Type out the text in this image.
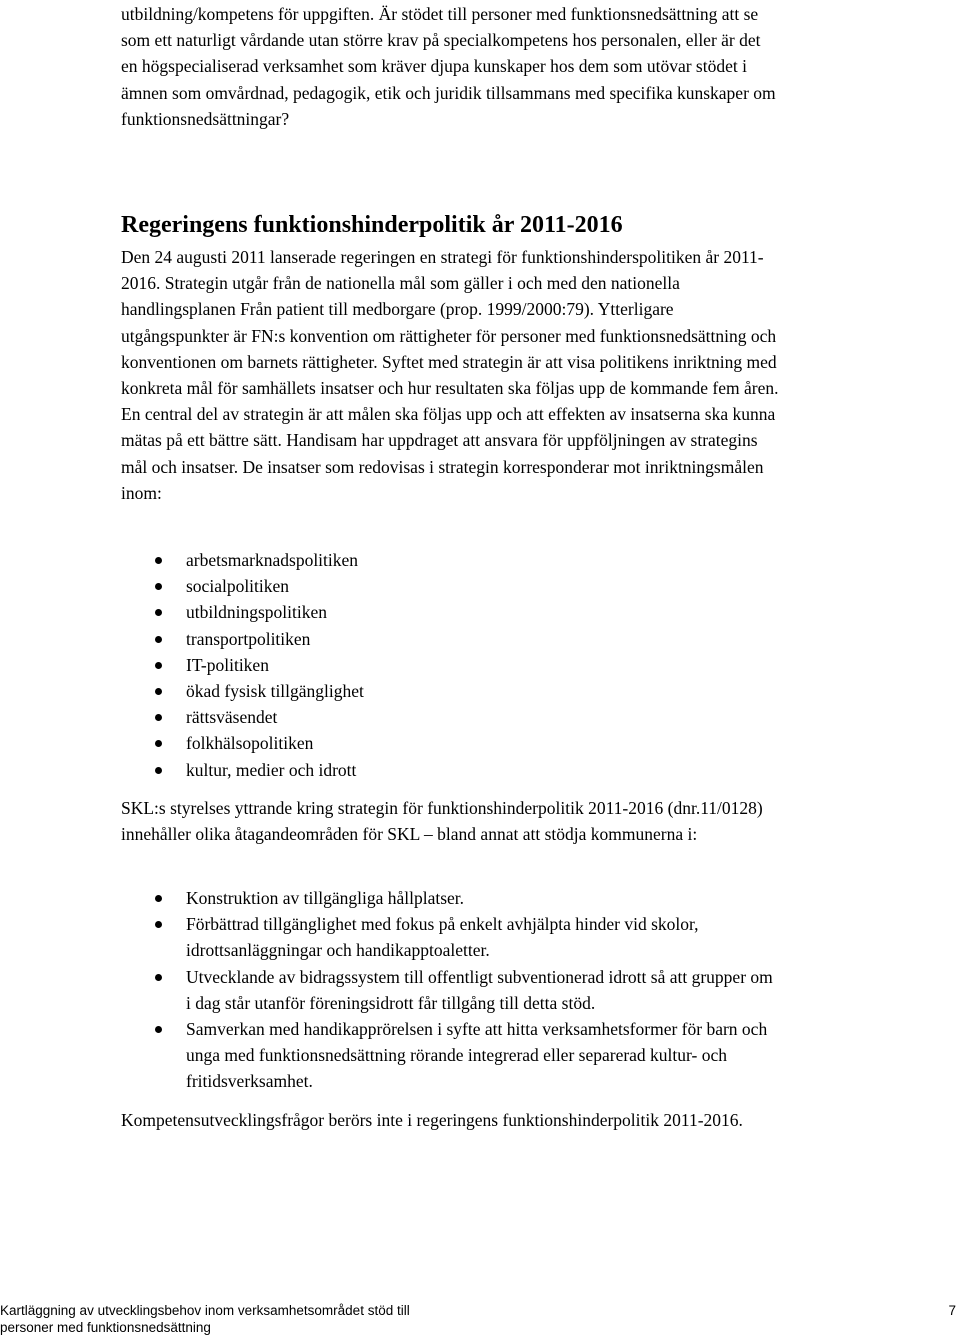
utbildning/kompetens för uppgiften. Är stödet till personer med funktionsnedsättning att se som ett naturligt vårdande utan större krav på specialkompetens hos personalen, eller är det en högspecialiserad verksamhet som kräver djupa kunskaper hos dem som utövar stödet i ämnen som omvårdnad, pedagogik, etik och juridik tillsammans med specifika kunskaper om funktionsnedsättningar?

Regeringens funktionshinderpolitik år 2011-2016

Den 24 augusti 2011 lanserade regeringen en strategi för funktionshinderspolitiken år 2011-2016. Strategin utgår från de nationella mål som gäller i och med den nationella handlingsplanen Från patient till medborgare (prop. 1999/2000:79). Ytterligare utgångspunkter är FN:s konvention om rättigheter för personer med funktionsnedsättning och konventionen om barnets rättigheter. Syftet med strategin är att visa politikens inriktning med konkreta mål för samhällets insatser och hur resultaten ska följas upp de kommande fem åren. En central del av strategin är att målen ska följas upp och att effekten av insatserna ska kunna mätas på ett bättre sätt. Handisam har uppdraget att ansvara för uppföljningen av strategins mål och insatser. De insatser som redovisas i strategin korresponderar mot inriktningsmålen inom:

arbetsmarknadspolitiken
socialpolitiken
utbildningspolitiken
transportpolitiken
IT-politiken
ökad fysisk tillgänglighet
rättsväsendet
folkhälsopolitiken
kultur, medier och idrott

SKL:s styrelses yttrande kring strategin för funktionshinderpolitik 2011-2016 (dnr.11/0128) innehåller olika åtagandeområden för SKL – bland annat att stödja kommunerna i:

Konstruktion av tillgängliga hållplatser.
Förbättrad tillgänglighet med fokus på enkelt avhjälpta hinder vid skolor, idrottsanläggningar och handikapptoaletter.
Utvecklande av bidragssystem till offentligt subventionerad idrott så att grupper om i dag står utanför föreningsidrott får tillgång till detta stöd.
Samverkan med handikapprörelsen i syfte att hitta verksamhetsformer för barn och unga med funktionsnedsättning rörande integrerad eller separerad kultur- och fritidsverksamhet.

Kompetensutvecklingsfrågor berörs inte i regeringens funktionshinderpolitik 2011-2016.

Kartläggning av utvecklingsbehov inom verksamhetsområdet stöd till personer med funktionsnedsättning
7
